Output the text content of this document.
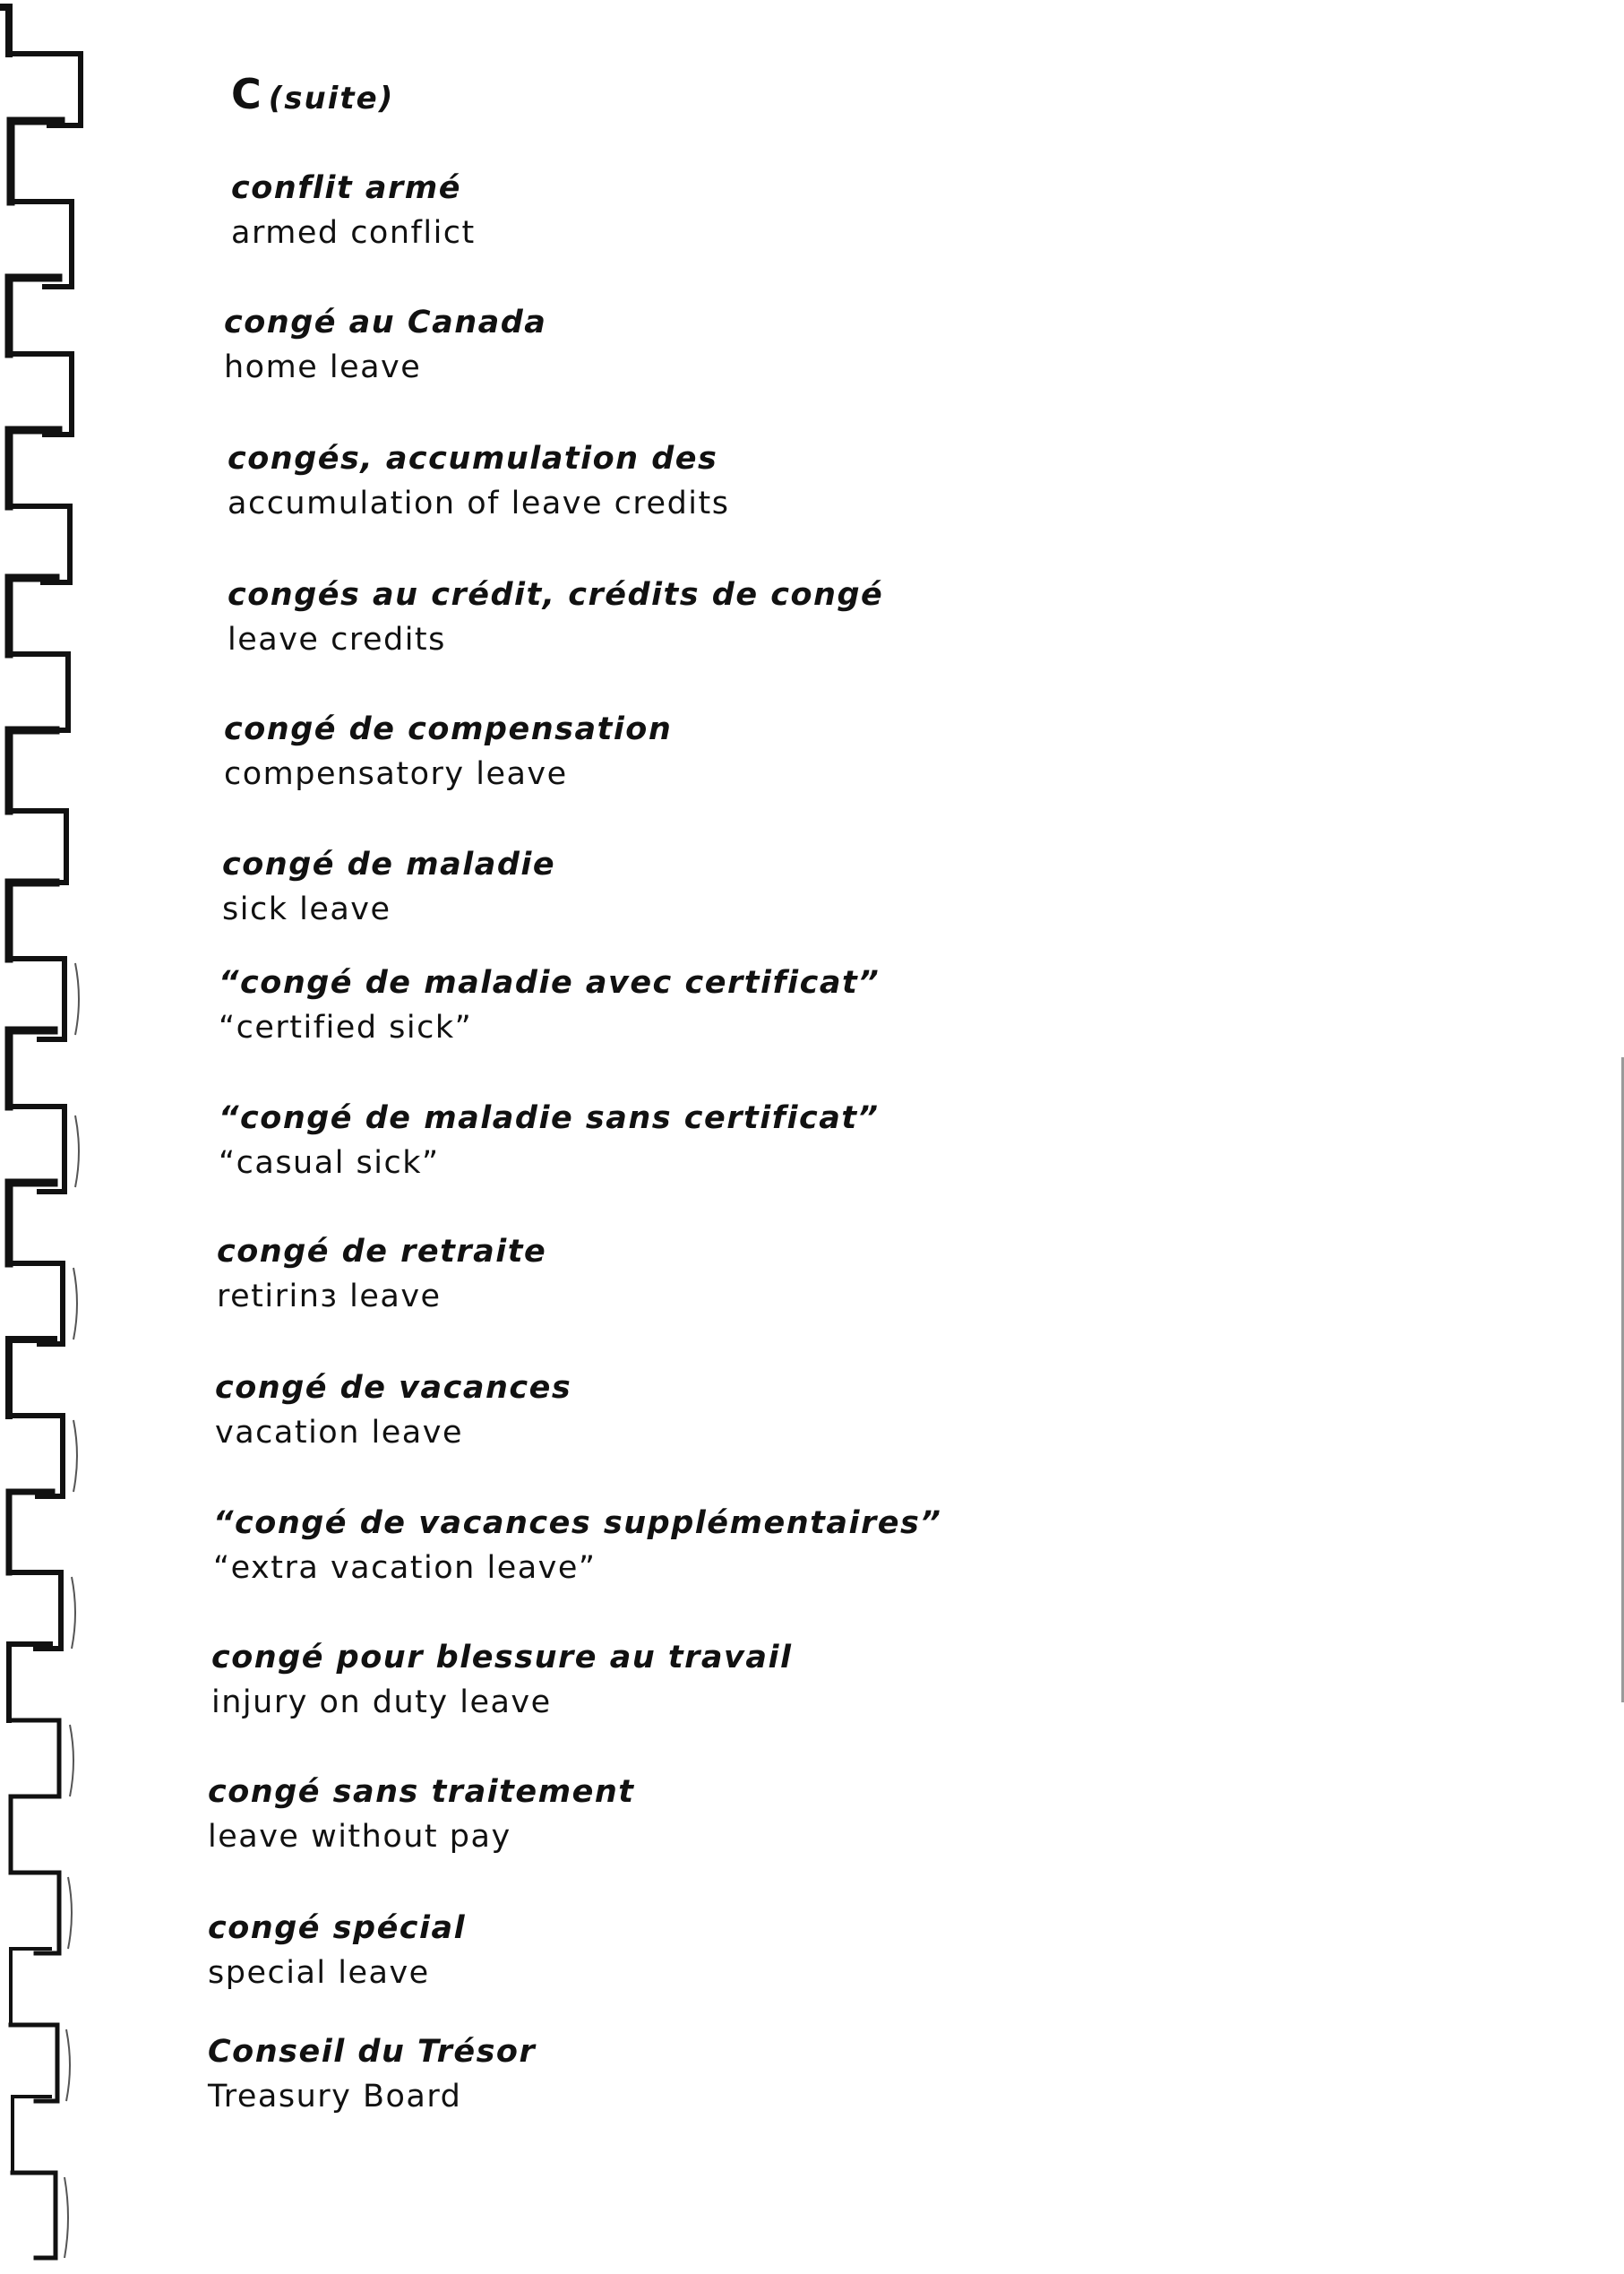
C (suite)
conflit armé
armed conflict
congé au Canada
home leave
congés, accumulation des
accumulation of leave credits
congés au crédit, crédits de congé
leave credits
congé de compensation
compensatory leave
congé de maladie
sick leave
“congé de maladie avec certificat”
“certified sick”
“congé de maladie sans certificat”
“casual sick”
congé de retraite
retirinз leave
congé de vacances
vacation leave
“congé de vacances supplémentaires”
“extra vacation leave”
congé pour blessure au travail
injury on duty leave
congé sans traitement
leave without pay
congé spécial
special leave
Conseil du Trésor
Treasury Board
